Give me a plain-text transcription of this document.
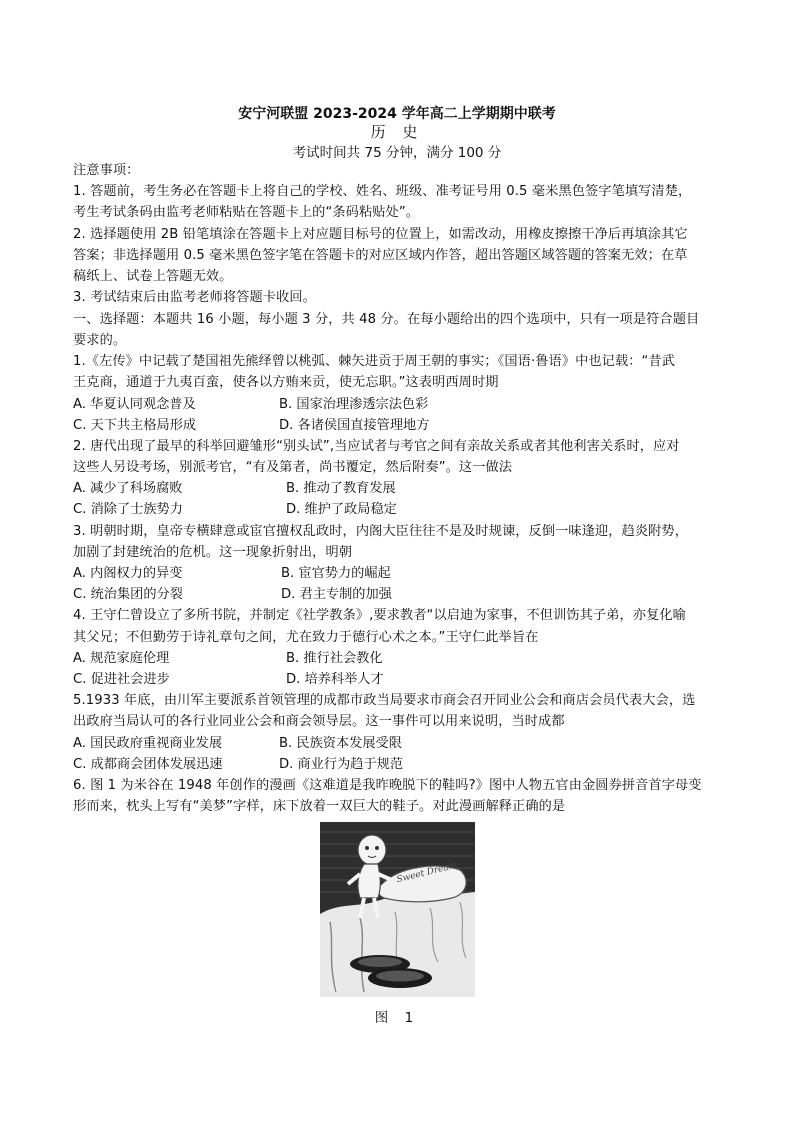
安宁河联盟 2023-2024 学年高二上学期期中联考
历 史
考试时间共 75 分钟，满分 100 分
注意事项：
1. 答题前，考生务必在答题卡上将自己的学校、姓名、班级、准考证号用 0.5 毫米黑色签字笔填写清楚，
考生考试条码由监考老师粘贴在答题卡上的“条码粘贴处”。
2. 选择题使用 2B 铅笔填涂在答题卡上对应题目标号的位置上，如需改动，用橡皮擦擦干净后再填涂其它
答案；非选择题用 0.5 毫米黑色签字笔在答题卡的对应区域内作答，超出答题区域答题的答案无效；在草
稿纸上、试卷上答题无效。
3. 考试结束后由监考老师将答题卡收回。
一、选择题：本题共 16 小题，每小题 3 分，共 48 分。在每小题给出的四个选项中，只有一项是符合题目
要求的。
1.《左传》中记载了楚国祖先熊绎曾以桃弧、棘矢进贡于周王朝的事实；《国语·鲁语》中也记载：“昔武
王克商，通道于九夷百蛮，使各以方贿来贡，使无忘职。”这表明西周时期
A. 华夏认同观念普及	B. 国家治理渗透宗法色彩
C. 天下共主格局形成	D. 各诸侯国直接管理地方
2. 唐代出现了最早的科举回避雏形“别头试”,当应试者与考官之间有亲故关系或者其他利害关系时，应对
这些人另设考场，别派考官，“有及第者，尚书覆定，然后附奏”。这一做法
A. 减少了科场腐败	B. 推动了教育发展
C. 消除了士族势力	D. 维护了政局稳定
3. 明朝时期，皇帝专横肆意或宦官擅权乱政时，内阁大臣往往不是及时规谏，反倒一味逢迎，趋炎附势，
加剧了封建统治的危机。这一现象折射出，明朝
A. 内阁权力的异变	B. 宦官势力的崛起
C. 统治集团的分裂	D. 君主专制的加强
4. 王守仁曾设立了多所书院，并制定《社学教条》,要求教者“以启迪为家事，不但训饬其子弟，亦复化喻
其父兄；不但勤劳于诗礼章句之间，尤在致力于德行心术之本。”王守仁此举旨在
A. 规范家庭伦理	B. 推行社会教化
C. 促进社会进步	D. 培养科举人才
5.1933 年底，由川军主要派系首领管理的成都市政当局要求市商会召开同业公会和商店会员代表大会，选
出政府当局认可的各行业同业公会和商会领导层。这一事件可以用来说明，当时成都
A. 国民政府重视商业发展	B. 民族资本发展受限
C. 成都商会团体发展迅速	D. 商业行为趋于规范
6. 图 1 为米谷在 1948 年创作的漫画《这难道是我昨晚脱下的鞋吗?》图中人物五官由金圆券拼音首字母变
形而来，枕头上写有“美梦”字样，床下放着一双巨大的鞋子。对此漫画解释正确的是
Sweet Dream
米谷
图 1
